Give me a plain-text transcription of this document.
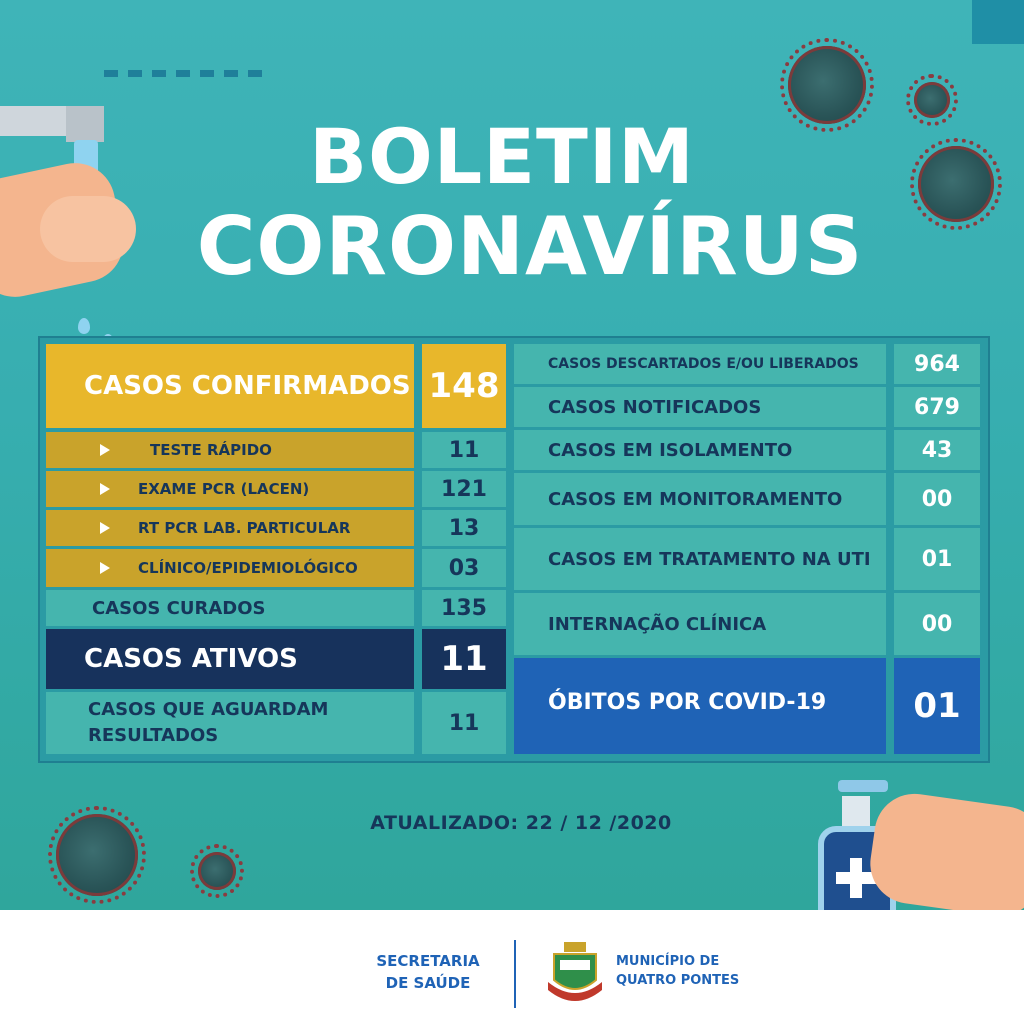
BOLETIM
CORONAVÍRUS
ATUALIZADO: 22 / 12 /2020
CASOS CONFIRMADOS 148
TESTE RÁPIDO	11
EXAME PCR (LACEN)	121
RT PCR LAB. PARTICULAR	13
CLÍNICO/EPIDEMIOLÓGICO	03
CASOS CURADOS	135
CASOS ATIVOS	11
CASOS QUE AGUARDAM
RESULTADOS	11
CASOS DESCARTADOS E/OU LIBERADOS	964
CASOS NOTIFICADOS	679
CASOS EM ISOLAMENTO	43
CASOS EM MONITORAMENTO	00
CASOS EM TRATAMENTO NA UTI	01
INTERNAÇÃO CLÍNICA	00
ÓBITOS POR COVID-19	01
SECRETARIA
DE SAÚDE
MUNICÍPIO DE
QUATRO PONTES
